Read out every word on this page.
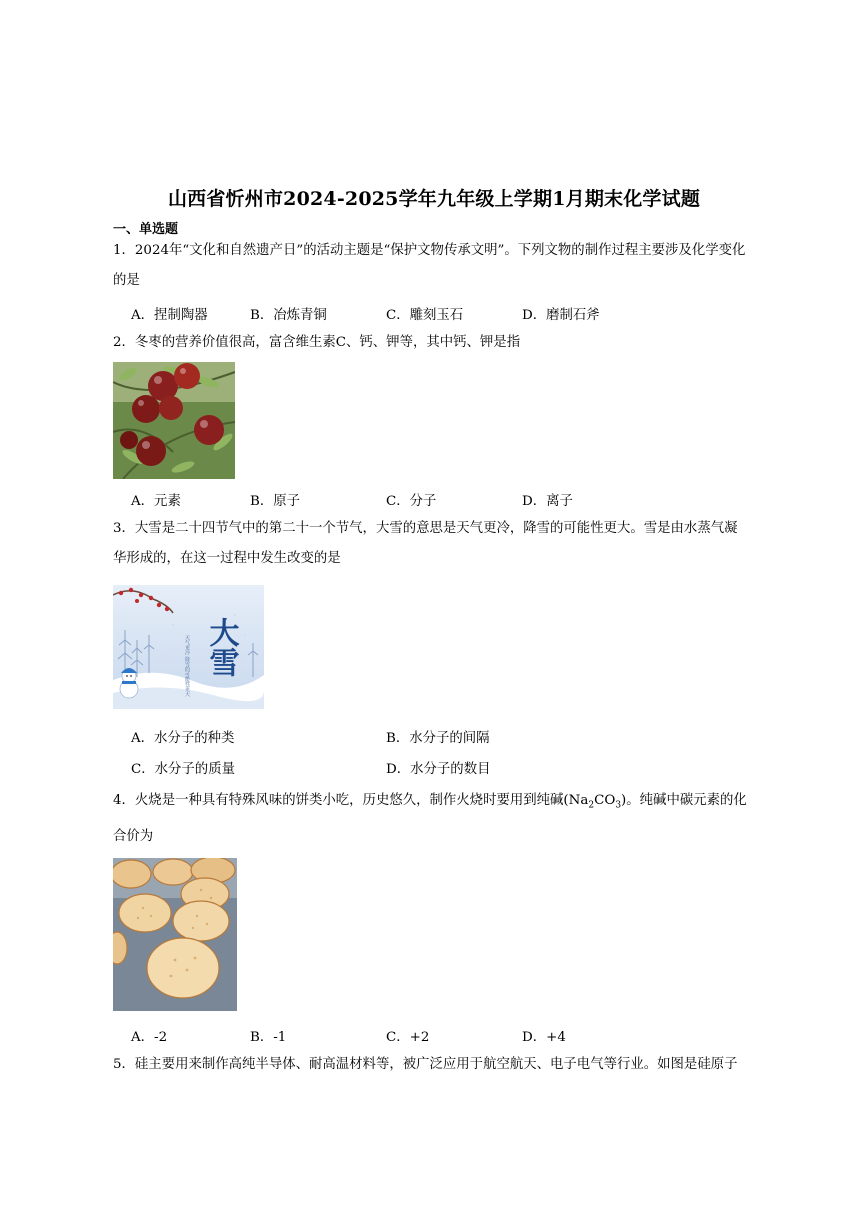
山西省忻州市2024-2025学年九年级上学期1月期末化学试题
一、单选题
1．2024年“文化和自然遗产日”的活动主题是“保护文物传承文明”。下列文物的制作过程主要涉及化学变化
的是
A．捏制陶器	B．冶炼青铜	C．雕刻玉石	D．磨制石斧
2．冬枣的营养价值很高，富含维生素C、钙、钾等，其中钙、钾是指
A．元素	B．原子	C．分子	D．离子
3．大雪是二十四节气中的第二十一个节气，大雪的意思是天气更冷，降雪的可能性更大。雪是由水蒸气凝
华形成的，在这一过程中发生改变的是
大雪
天气更冷 降雪的可能性更大
A．水分子的种类	B．水分子的间隔
C．水分子的质量	D．水分子的数目
4．火烧是一种具有特殊风味的饼类小吃，历史悠久，制作火烧时要用到纯碱$(Na_2CO_3)$。纯碱中碳元素的化
合价为
A．-2	B．-1	C．+2	D．+4
5．硅主要用来制作高纯半导体、耐高温材料等，被广泛应用于航空航天、电子电气等行业。如图是硅原子
